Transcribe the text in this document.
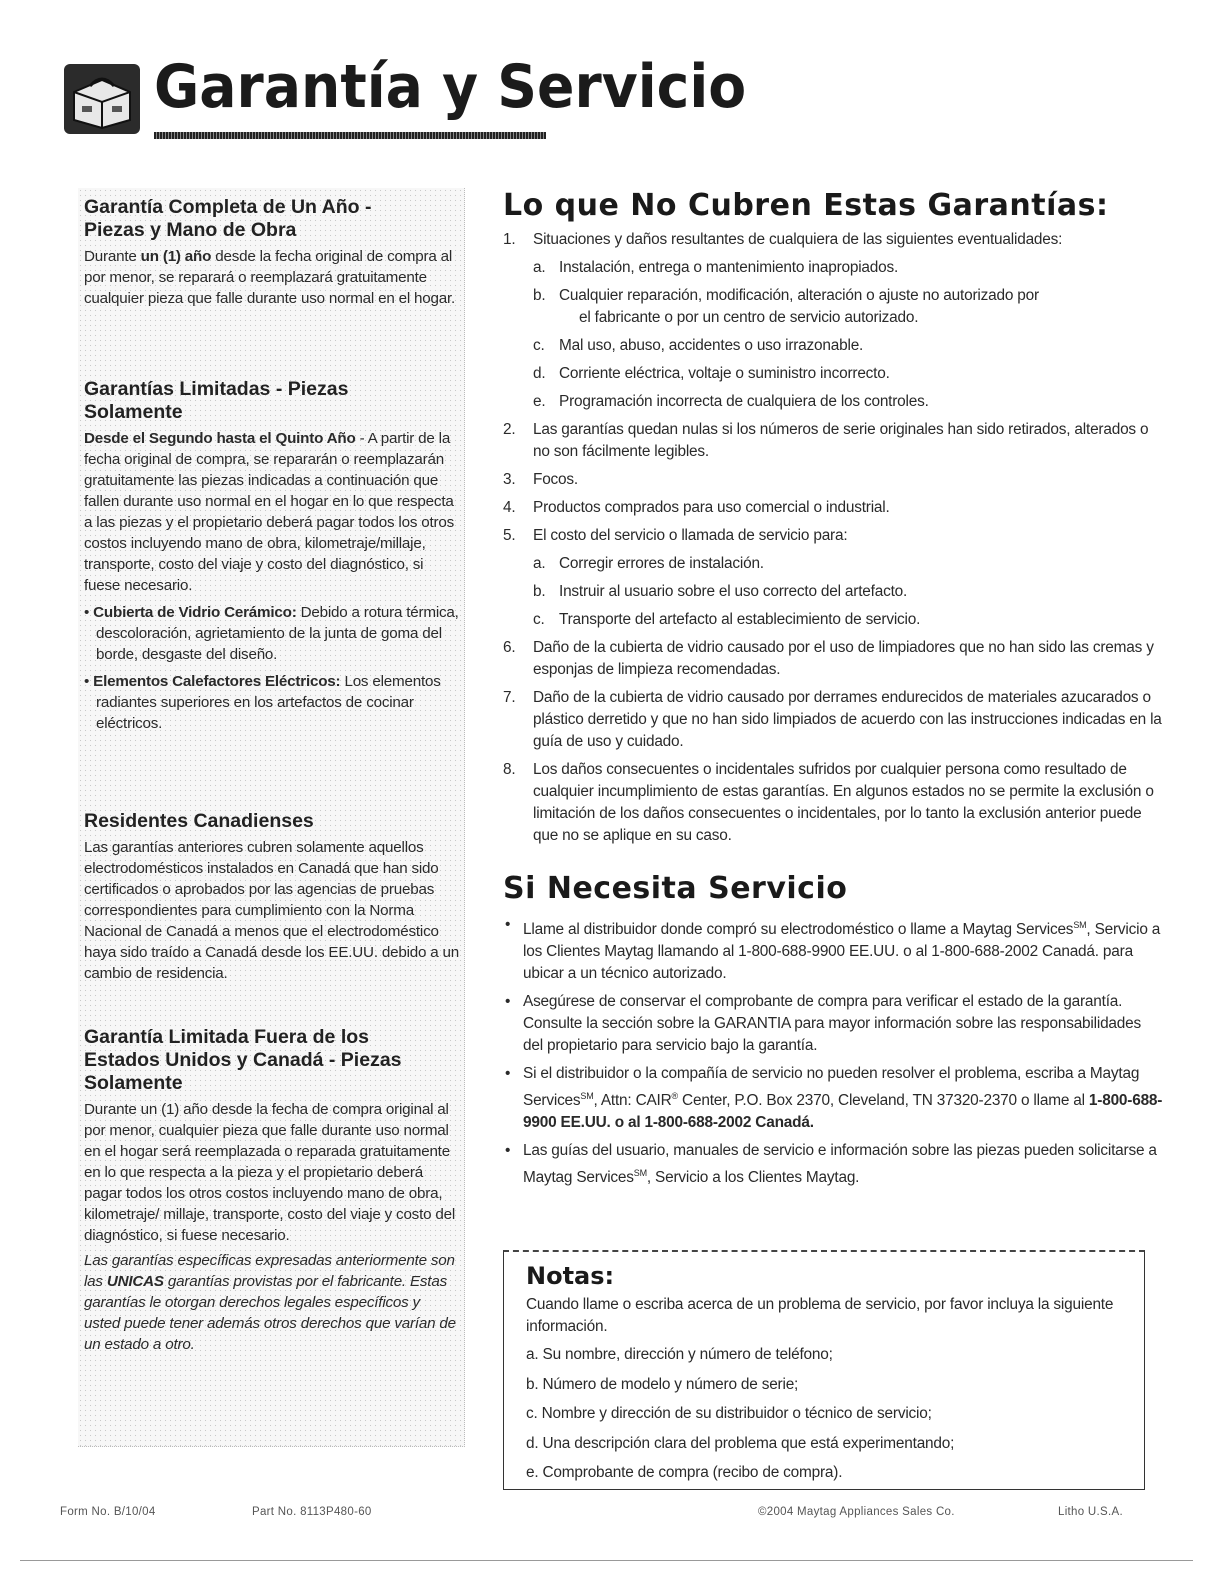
Garantía y Servicio
Garantía Completa de Un Año -
Piezas y Mano de Obra

Durante un (1) año desde la fecha original de compra al por menor, se reparará o reemplazará gratuitamente cualquier pieza que falle durante uso normal en el hogar.

Garantías Limitadas - Piezas
Solamente

Desde el Segundo hasta el Quinto Año - A partir de la fecha original de compra, se repararán o reemplazarán gratuitamente las piezas indicadas a continuación que fallen durante uso normal en el hogar en lo que respecta a las piezas y el propietario deberá pagar todos los otros costos incluyendo mano de obra, kilometraje/millaje, transporte, costo del viaje y costo del diagnóstico, si fuese necesario.

• Cubierta de Vidrio Cerámico: Debido a rotura térmica, descoloración, agrietamiento de la junta de goma del borde, desgaste del diseño.
• Elementos Calefactores Eléctricos: Los elementos radiantes superiores en los artefactos de cocinar eléctricos.
Residentes Canadienses

Las garantías anteriores cubren solamente aquellos electrodomésticos instalados en Canadá que han sido certificados o aprobados por las agencias de pruebas correspondientes para cumplimiento con la Norma Nacional de Canadá a menos que el electrodoméstico haya sido traído a Canadá desde los EE.UU. debido a un cambio de residencia.

Garantía Limitada Fuera de los
Estados Unidos y Canadá - Piezas
Solamente

Durante un (1) año desde la fecha de compra original al por menor, cualquier pieza que falle durante uso normal en el hogar será reemplazada o reparada gratuitamente en lo que respecta a la pieza y el propietario deberá pagar todos los otros costos incluyendo mano de obra, kilometraje/ millaje, transporte, costo del viaje y costo del diagnóstico, si fuese necesario.

Las garantías específicas expresadas anteriormente son las UNICAS garantías provistas por el fabricante. Estas garantías le otorgan derechos legales específicos y usted puede tener además otros derechos que varían de un estado a otro.

Lo que No Cubren Estas Garantías:
1.	Situaciones y daños resultantes de cualquiera de las siguientes eventualidades:
a. Instalación, entrega o mantenimiento inapropiados.
b. Cualquier reparación, modificación, alteración o ajuste no autorizado por
el fabricante o por un centro de servicio autorizado.
c. Mal uso, abuso, accidentes o uso irrazonable.
d. Corriente eléctrica, voltaje o suministro incorrecto.
e. Programación incorrecta de cualquiera de los controles.
2.	Las garantías quedan nulas si los números de serie originales han sido retirados, alterados o no son fácilmente legibles.
3.	Focos.
4.	Productos comprados para uso comercial o industrial.
5.	El costo del servicio o llamada de servicio para:
a. Corregir errores de instalación.
b. Instruir al usuario sobre el uso correcto del artefacto.
c. Transporte del artefacto al establecimiento de servicio.
6.	Daño de la cubierta de vidrio causado por el uso de limpiadores que no han sido las cremas y esponjas de limpieza recomendadas.
7.	Daño de la cubierta de vidrio causado por derrames endurecidos de materiales azucarados o plástico derretido y que no han sido limpiados de acuerdo con las instrucciones indicadas en la guía de uso y cuidado.
8.	Los daños consecuentes o incidentales sufridos por cualquier persona como resultado de cualquier incumplimiento de estas garantías. En algunos estados no se permite la exclusión o limitación de los daños consecuentes o incidentales, por lo tanto la exclusión anterior puede que no se aplique en su caso.
Si Necesita Servicio
• Llame al distribuidor donde compró su electrodoméstico o llame a Maytag Services℠, Servicio a los Clientes Maytag llamando al 1-800-688-9900 EE.UU. o al 1-800-688-2002 Canadá. para ubicar a un técnico autorizado.
• Asegúrese de conservar el comprobante de compra para verificar el estado de la garantía. Consulte la sección sobre la GARANTIA para mayor información sobre las responsabilidades del propietario para servicio bajo la garantía.
• Si el distribuidor o la compañía de servicio no pueden resolver el problema, escriba a Maytag Services℠, Attn: CAIR® Center, P.O. Box 2370, Cleveland, TN 37320-2370 o llame al 1-800-688-9900 EE.UU. o al 1-800-688-2002 Canadá.
• Las guías del usuario, manuales de servicio e información sobre las piezas pueden solicitarse a Maytag Services℠, Servicio a los Clientes Maytag.
Notas:
Cuando llame o escriba acerca de un problema de servicio, por favor incluya la siguiente información.
a. Su nombre, dirección y número de teléfono;
b. Número de modelo y número de serie;
c. Nombre y dirección de su distribuidor o técnico de servicio;
d. Una descripción clara del problema que está experimentando;
e. Comprobante de compra (recibo de compra).
Form No. B/10/04	Part No. 8113P480-60	©2004 Maytag Appliances Sales Co.	Litho U.S.A.
